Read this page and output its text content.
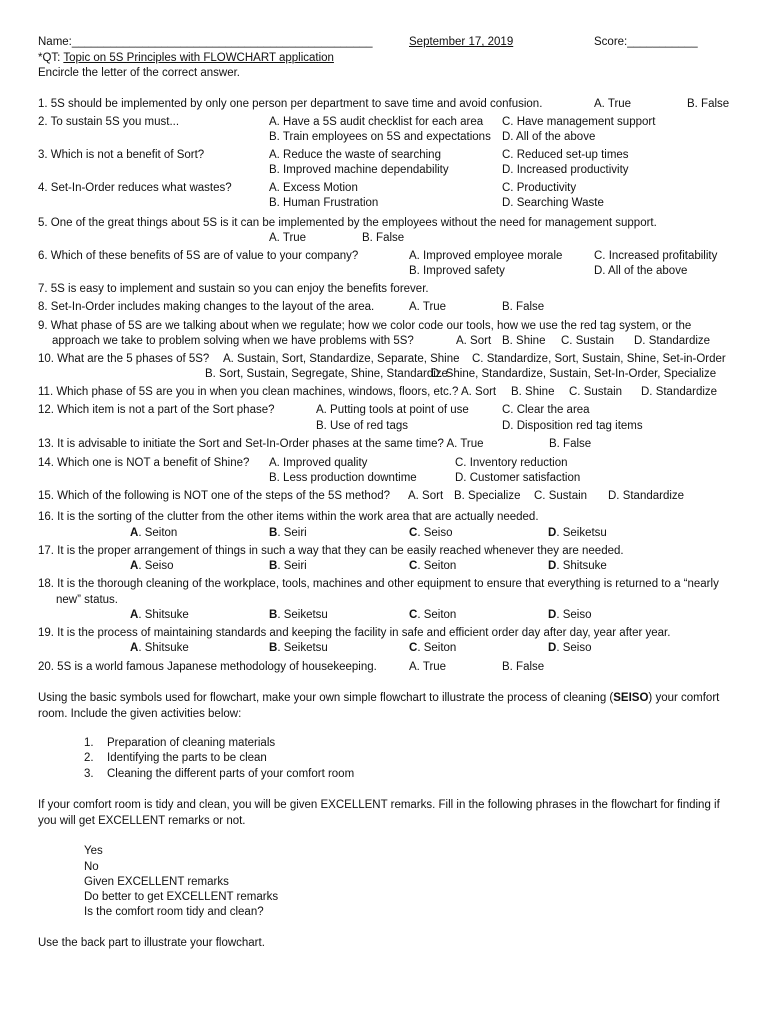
Name:_______________________________________________	September 17, 2019	Score:___________
*QT: Topic on 5S Principles with FLOWCHART application
Encircle the letter of the correct answer.
1. 5S should be implemented by only one person per department to save time and avoid confusion.	A. True	B. False
2. To sustain 5S you must...	A. Have a 5S audit checklist for each area C. Have management support
B. Train employees on 5S and expectations D. All of the above
3. Which is not a benefit of Sort?	A. Reduce the waste of searching	C. Reduced set-up times
B. Improved machine dependability	D. Increased productivity
4. Set-In-Order reduces what wastes?	A. Excess Motion	C. Productivity
B. Human Frustration	D. Searching Waste
5. One of the great things about 5S is it can be implemented by the employees without the need for management support.
A. True	B. False
6. Which of these benefits of 5S are of value to your company?	A. Improved employee morale	C. Increased profitability
B. Improved safety	D. All of the above
7. 5S is easy to implement and sustain so you can enjoy the benefits forever.
8. Set-In-Order includes making changes to the layout of the area.	A. True	B. False
9. What phase of 5S are we talking about when we regulate; how we color code our tools, how we use the red tag system, or the
approach we take to problem solving when we have problems with 5S?	A. Sort B. Shine C. Sustain D. Standardize
10. What are the 5 phases of 5S? A. Sustain, Sort, Standardize, Separate, Shine C. Standardize, Sort, Sustain, Shine, Set-in-Order
B. Sort, Sustain, Segregate, Shine, Standardize
D. Shine, Standardize, Sustain, Set-In-Order, Specialize
11. Which phase of 5S are you in when you clean machines, windows, floors, etc.? A. Sort B. Shine C. Sustain D. Standardize
12. Which item is not a part of the Sort phase?	A. Putting tools at point of use	C. Clear the area
B. Use of red tags	D. Disposition red tag items
13. It is advisable to initiate the Sort and Set-In-Order phases at the same time? A. True	B. False
14. Which one is NOT a benefit of Shine? A. Improved quality	C. Inventory reduction
B. Less production downtime	D. Customer satisfaction
15. Which of the following is NOT one of the steps of the 5S method? A. Sort B. Specialize C. Sustain D. Standardize
16. It is the sorting of the clutter from the other items within the work area that are actually needed.
A. Seiton	B. Seiri	C. Seiso	D. Seiketsu
17. It is the proper arrangement of things in such a way that they can be easily reached whenever they are needed.
A. Seiso	B. Seiri	C. Seiton	D. Shitsuke
18. It is the thorough cleaning of the workplace, tools, machines and other equipment to ensure that everything is returned to a “nearly
new” status.
A. Shitsuke	B. Seiketsu	C. Seiton	D. Seiso
19. It is the process of maintaining standards and keeping the facility in safe and efficient order day after day, year after year.
A. Shitsuke	B. Seiketsu	C. Seiton	D. Seiso
20. 5S is a world famous Japanese methodology of housekeeping.	A. True	B. False
Using the basic symbols used for flowchart, make your own simple flowchart to illustrate the process of cleaning (SEISO) your comfort
room. Include the given activities below:
1. Preparation of cleaning materials
2. Identifying the parts to be clean
3. Cleaning the different parts of your comfort room
If your comfort room is tidy and clean, you will be given EXCELLENT remarks. Fill in the following phrases in the flowchart for finding if
you will get EXCELLENT remarks or not.
Yes
No
Given EXCELLENT remarks
Do better to get EXCELLENT remarks
Is the comfort room tidy and clean?
Use the back part to illustrate your flowchart.
